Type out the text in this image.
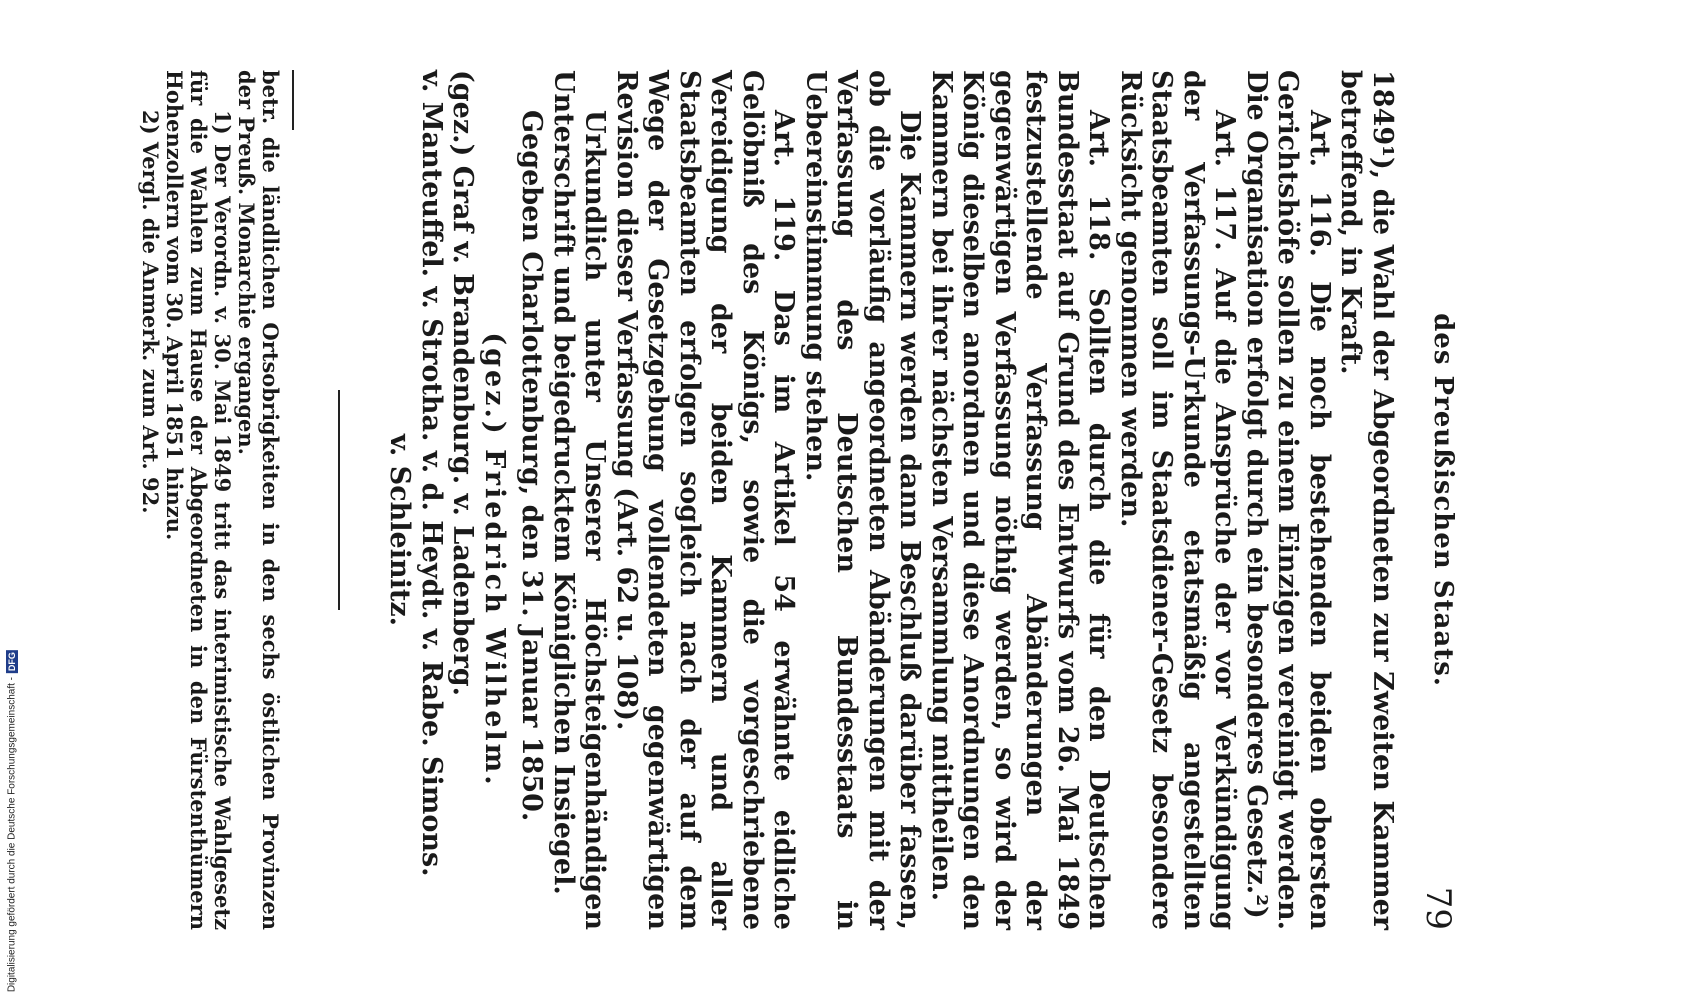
des Preußischen Staats.
79

1849¹), die Wahl der Abgeordneten zur Zweiten Kammer betreffend, in Kraft.

Art. 116. Die noch bestehenden beiden obersten Gerichtshöfe sollen zu einem Einzigen vereinigt werden. Die Organisation erfolgt durch ein besonderes Gesetz.²)

Art. 117. Auf die Ansprüche der vor Verkündigung der Verfassungs-Urkunde etatsmäßig angestellten Staatsbeamten soll im Staatsdiener-Gesetz besondere Rücksicht genommen werden.

Art. 118. Sollten durch die für den Deutschen Bundesstaat auf Grund des Entwurfs vom 26. Mai 1849 festzustellende Verfassung Abänderungen der gegenwärtigen Verfassung nöthig werden, so wird der König dieselben anordnen und diese Anordnungen den Kammern bei ihrer nächsten Versammlung mittheilen.

Die Kammern werden dann Beschluß darüber fassen, ob die vorläufig angeordneten Abänderungen mit der Verfassung des Deutschen Bundesstaats in Uebereinstimmung stehen.

Art. 119. Das im Artikel 54 erwähnte eidliche Gelöbniß des Königs, sowie die vorgeschriebene Vereidigung der beiden Kammern und aller Staatsbeamten erfolgen sogleich nach der auf dem Wege der Gesetzgebung vollendeten gegenwärtigen Revision dieser Verfassung (Art. 62 u. 108).

Urkundlich unter Unserer Höchsteigenhändigen Unterschrift und beigedrucktem Königlichen Insiegel.

Gegeben Charlottenburg, den 31. Januar 1850.

(gez.) Friedrich Wilhelm.

(gez.) Graf v. Brandenburg. v. Ladenberg.

v. Manteuffel. v. Strotha. v. d. Heydt. v. Rabe. Simons.

v. Schleinitz.

betr. die ländlichen Ortsobrigkeiten in den sechs östlichen Provinzen der Preuß. Monarchie ergangen.

1) Der Verordn. v. 30. Mai 1849 tritt das interimistische Wahlgesetz für die Wahlen zum Hause der Abgeordneten in den Fürstenthümern Hohenzollern vom 30. April 1851 hinzu.

2) Vergl. die Anmerk. zum Art. 92.

Digitalisierung gefördert durch die Deutsche Forschungsgemeinschaft -
DFG
